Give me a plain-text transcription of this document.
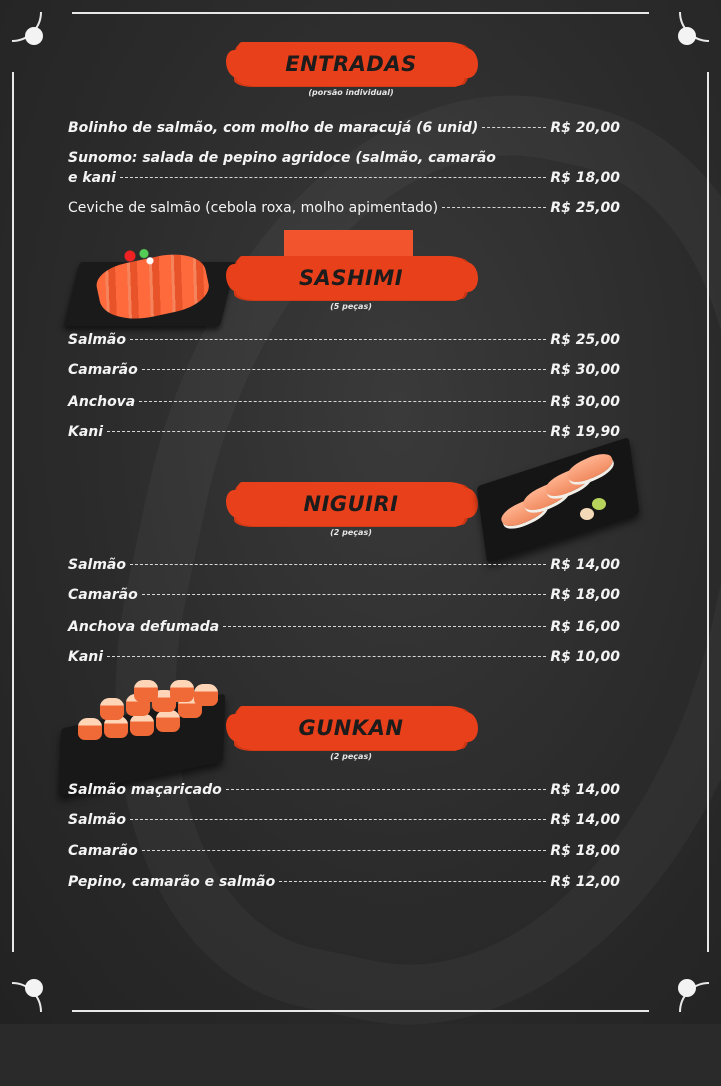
ENTRADAS
(porsão individual)
Bolinho de salmão, com molho de maracujá (6 unid)	R$ 20,00
Sunomo: salada de pepino agridoce (salmão, camarão
e kani	R$ 18,00
Ceviche de salmão (cebola roxa, molho apimentado)	R$ 25,00
SASHIMI
(5 peças)
Salmão	R$ 25,00
Camarão	R$ 30,00
Anchova	R$ 30,00
Kani	R$ 19,90
NIGUIRI
(2 peças)
Salmão	R$ 14,00
Camarão	R$ 18,00
Anchova defumada	R$ 16,00
Kani	R$ 10,00
GUNKAN
(2 peças)
Salmão maçaricado	R$ 14,00
Salmão	R$ 14,00
Camarão	R$ 18,00
Pepino, camarão e salmão	R$ 12,00
